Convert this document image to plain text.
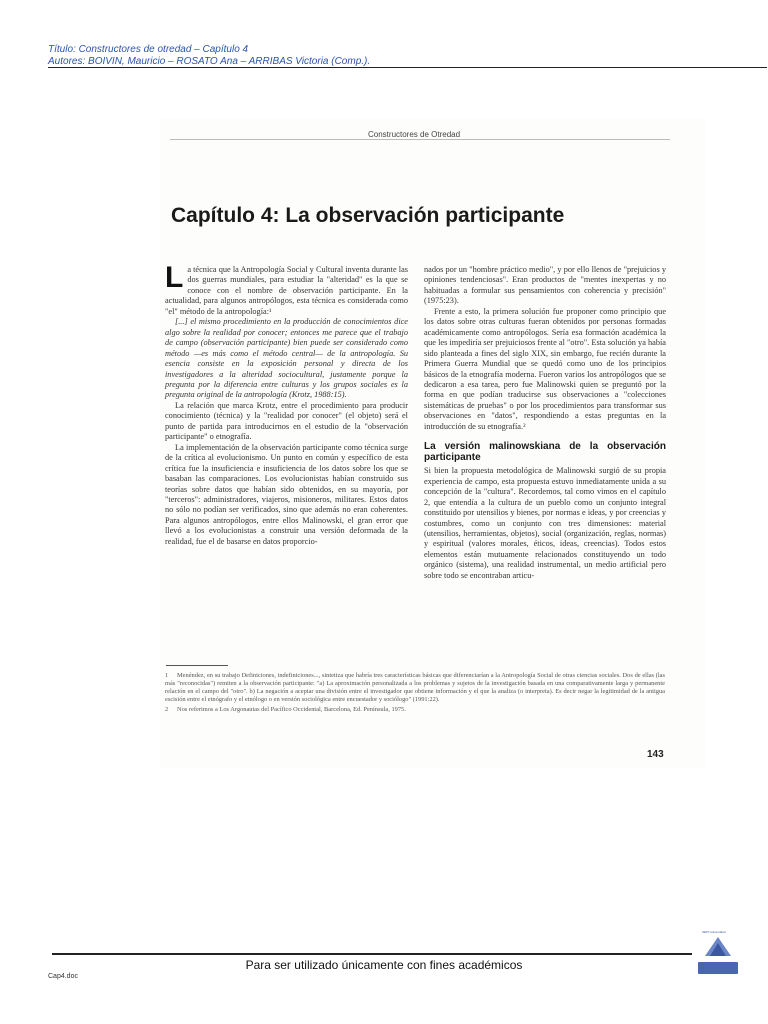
Título: Constructores de otredad – Capítulo 4
Autores: BOIVIN, Mauricio – ROSATO Ana – ARRIBAS Victoria (Comp.).
Constructores de Otredad
Capítulo 4: La observación participante

La técnica que la Antropología Social y Cultural inventa durante las dos guerras mundiales, para estudiar la "alteridad" es la que se conoce con el nombre de observación participante. En la actualidad, para algunos antropólogos, esta técnica es considerada como "el" método de la antropología:¹

[...] el mismo procedimiento en la producción de conocimientos dice algo sobre la realidad por conocer; entonces me parece que el trabajo de campo (observación participante) bien puede ser considerado como método —es más como el método central— de la antropología. Su esencia consiste en la exposición personal y directa de los investigadores a la alteridad sociocultural, justamente porque la pregunta por la diferencia entre culturas y los grupos sociales es la pregunta original de la antropología (Krotz, 1988:15).

La relación que marca Krotz, entre el procedimiento para producir conocimiento (técnica) y la "realidad por conocer" (el objeto) será el punto de partida para introducirnos en el estudio de la "observación participante" o etnografía.

La implementación de la observación participante como técnica surge de la crítica al evolucionismo. Un punto en común y específico de esta crítica fue la insuficiencia e insuficiencia de los datos sobre los que se basaban las comparaciones. Los evolucionistas habían construido sus teorías sobre datos que habían sido obtenidos, en su mayoría, por "terceros": administradores, viajeros, misioneros, militares. Estos datos no sólo no podían ser verificados, sino que además no eran coherentes. Para algunos antropólogos, entre ellos Malinowski, el gran error que llevó a los evolucionistas a construir una versión deformada de la realidad, fue el de basarse en datos proporcio-

nados por un "hombre práctico medio", y por ello llenos de "prejuicios y opiniones tendenciosas". Eran productos de "mentes inexpertas y no habituadas a formular sus pensamientos con coherencia y precisión" (1975:23).

Frente a esto, la primera solución fue proponer como principio que los datos sobre otras culturas fueran obtenidos por personas formadas académicamente como antropólogos. Sería esa formación académica la que les impediría ser prejuiciosos frente al "otro". Esta solución ya había sido planteada a fines del siglo XIX, sin embargo, fue recién durante la Primera Guerra Mundial que se quedó como uno de los principios básicos de la etnografía moderna. Fueron varios los antropólogos que se dedicaron a esa tarea, pero fue Malinowski quien se preguntó por la forma en que podían traducirse sus observaciones a "colecciones sistemáticas de pruebas" o por los procedimientos para transformar sus observaciones en "datos", respondiendo a estas preguntas en la introducción de su etnografía.²

La versión malinowskiana de la observación participante

Si bien la propuesta metodológica de Malinowski surgió de su propia experiencia de campo, esta propuesta estuvo inmediatamente unida a su concepción de la "cultura". Recordemos, tal como vimos en el capítulo 2, que entendía a la cultura de un pueblo como un conjunto integral constituido por utensilios y bienes, por normas e ideas, y por creencias y costumbres, como un conjunto con tres dimensiones: material (utensilios, herramientas, objetos), social (organización, reglas, normas) y espiritual (valores morales, éticos, ideas, creencias). Todos estos elementos están mutuamente relacionados constituyendo un todo orgánico (sistema), una realidad instrumental, un medio artificial pero sobre todo se encontraban articu-

1 Menéndez, en su trabajo Definiciones, indefiniciones..., sintetiza que habría tres características básicas que diferenciarían a la Antropología Social de otras ciencias sociales. Dos de ellas (las más "reconocidas") remiten a la observación participante: "a) La aproximación personalizada a los problemas y sujetos de la investigación basada en una comparativamente larga y permanente relación en el campo del "otro". b) La negación a aceptar una división entre el investigador que obtiene información y el que la analiza (o interpreta). Es decir negar la legitimidad de la antigua escisión entre el etnógrafo y el etnólogo o en versión sociológica entre encuestador y sociólogo" (1991:22).

2 Nos referimos a Los Argonautas del Pacífico Occidental, Barcelona, Ed. Península, 1975.

143
Para ser utilizado únicamente con fines académicos
Cap4.doc
SEPI Universidad
